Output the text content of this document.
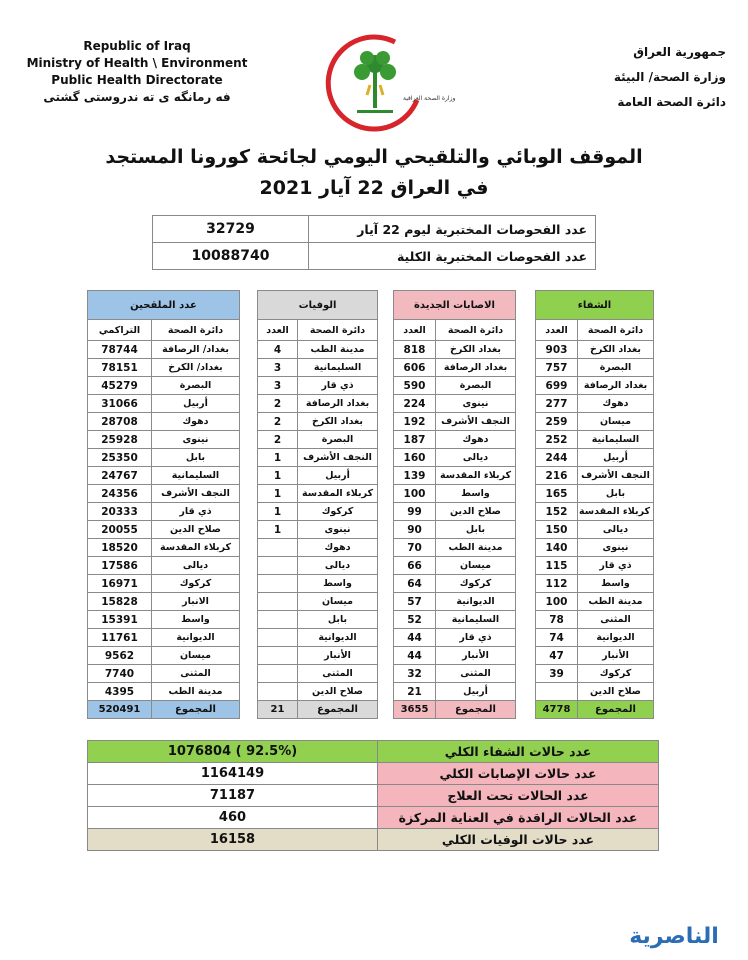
Republic of Iraq
Ministry of Health \ Environment
Public Health Directorate
فه رمانگه ى ته ندروستى گشتى	وزارة الصحة العراقية
جمهورية العراق
وزارة الصحة/ البيئة
دائرة الصحة العامة
الموقف الوبائي والتلقيحي اليومي لجائحة كورونا المستجد
في العراق 22 آيار 2021
عدد الفحوصات المختبرية ليوم 22 آيار	32729
عدد الفحوصات المختبرية الكلية	10088740
الشفاء	
دائرة الصحة	العدد
بغداد الكرخ	903
البصرة	757
بغداد الرصافة	699
دهوك	277
ميسان	259
السليمانية	252
أربيل	244
النجف الأشرف	216
بابل	165
كربلاء المقدسة	152
ديالى	150
نينوى	140
ذي قار	115
واسط	112
مدينة الطب	100
المثنى	78
الديوانية	74
الأنبار	47
كركوك	39
صلاح الدين	
المجموع	4778
الاصابات الجديدة	
دائرة الصحة	العدد
بغداد الكرخ	818
بغداد الرصافة	606
البصرة	590
نينوى	224
النجف الأشرف	192
دهوك	187
ديالى	160
كربلاء المقدسة	139
واسط	100
صلاح الدين	99
بابل	90
مدينة الطب	70
ميسان	66
كركوك	64
الديوانية	57
السليمانية	52
ذي قار	44
الأنبار	44
المثنى	32
أربيل	21
المجموع	3655
الوفيات	
دائرة الصحة	العدد
مدينة الطب	4
السليمانية	3
ذي قار	3
بغداد الرصافة	2
بغداد الكرخ	2
البصرة	2
النجف الأشرف	1
أربيل	1
كربلاء المقدسة	1
كركوك	1
نينوى	1
دهوك	
ديالى	
واسط	
ميسان	
بابل	
الديوانية	
الأنبار	
المثنى	
صلاح الدين	
المجموع	21
عدد الملقحين	
دائرة الصحة	التراكمي
بغداد/ الرصافة	78744
بغداد/ الكرخ	78151
البصرة	45279
أربيل	31066
دهوك	28708
نينوى	25928
بابل	25350
السليمانية	24767
النجف الأشرف	24356
ذي قار	20333
صلاح الدين	20055
كربلاء المقدسة	18520
ديالى	17586
كركوك	16971
الانبار	15828
واسط	15391
الديوانية	11761
ميسان	9562
المثنى	7740
مدينة الطب	4395
المجموع	520491
عدد حالات الشفاء الكلي	1076804 ( 92.5%)
عدد حالات الإصابات الكلي	1164149
عدد الحالات تحت العلاج	71187
عدد الحالات الراقدة في العناية المركزة	460
عدد حالات الوفيات الكلي	16158
الناصرية
